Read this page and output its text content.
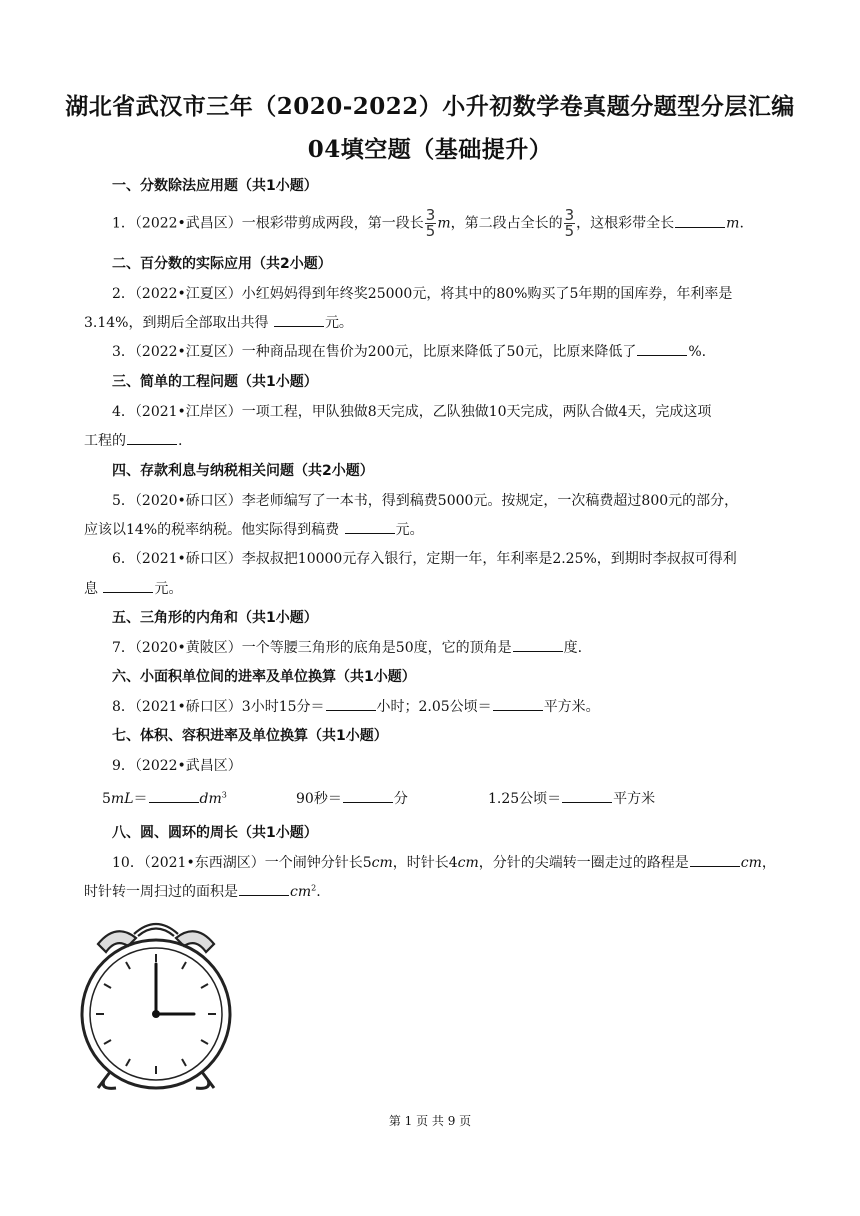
湖北省武汉市三年（2020-2022）小升初数学卷真题分题型分层汇编
04填空题（基础提升）
一、分数除法应用题（共1小题）
1．（2022•武昌区）一根彩带剪成两段，第一段长 $\frac{3}{5}$ m，第二段占全长的 $\frac{3}{5}$ ，这根彩带全长	m.
二、百分数的实际应用（共2小题）
2．（2022•江夏区）小红妈妈得到年终奖25000元，将其中的80%购买了5年期的国库券，年利率是
3.14%，到期后全部取出共得	元。
3．（2022•江夏区）一种商品现在售价为200元，比原来降低了50元，比原来降低了	%.
三、简单的工程问题（共1小题）
4．（2021•江岸区）一项工程，甲队独做8天完成，乙队独做10天完成，两队合做4天，完成这项
工程的	.
四、存款利息与纳税相关问题（共2小题）
5．（2020•硚口区）李老师编写了一本书，得到稿费5000元。按规定，一次稿费超过800元的部分，
应该以14%的税率纳税。他实际得到稿费	元。
6．（2021•硚口区）李叔叔把10000元存入银行，定期一年，年利率是2.25%，到期时李叔叔可得利
息	元。
五、三角形的内角和（共1小题）
7．（2020•黄陂区）一个等腰三角形的底角是50度，它的顶角是	度.
六、小面积单位间的进率及单位换算（共1小题）
8．（2021•硚口区）3小时15分＝	小时；2.05公顷＝	平方米。
七、体积、容积进率及单位换算（共1小题）
9．（2022•武昌区）
5mL＝	$dm^3$	90秒＝	分	1.25公顷＝	平方米
八、圆、圆环的周长（共1小题）
10．（2021•东西湖区）一个闹钟分针长5cm，时针长4cm，分针的尖端转一圈走过的路程是	cm，
时针转一周扫过的面积是	$cm^2$.
第 1 页 共 9 页
